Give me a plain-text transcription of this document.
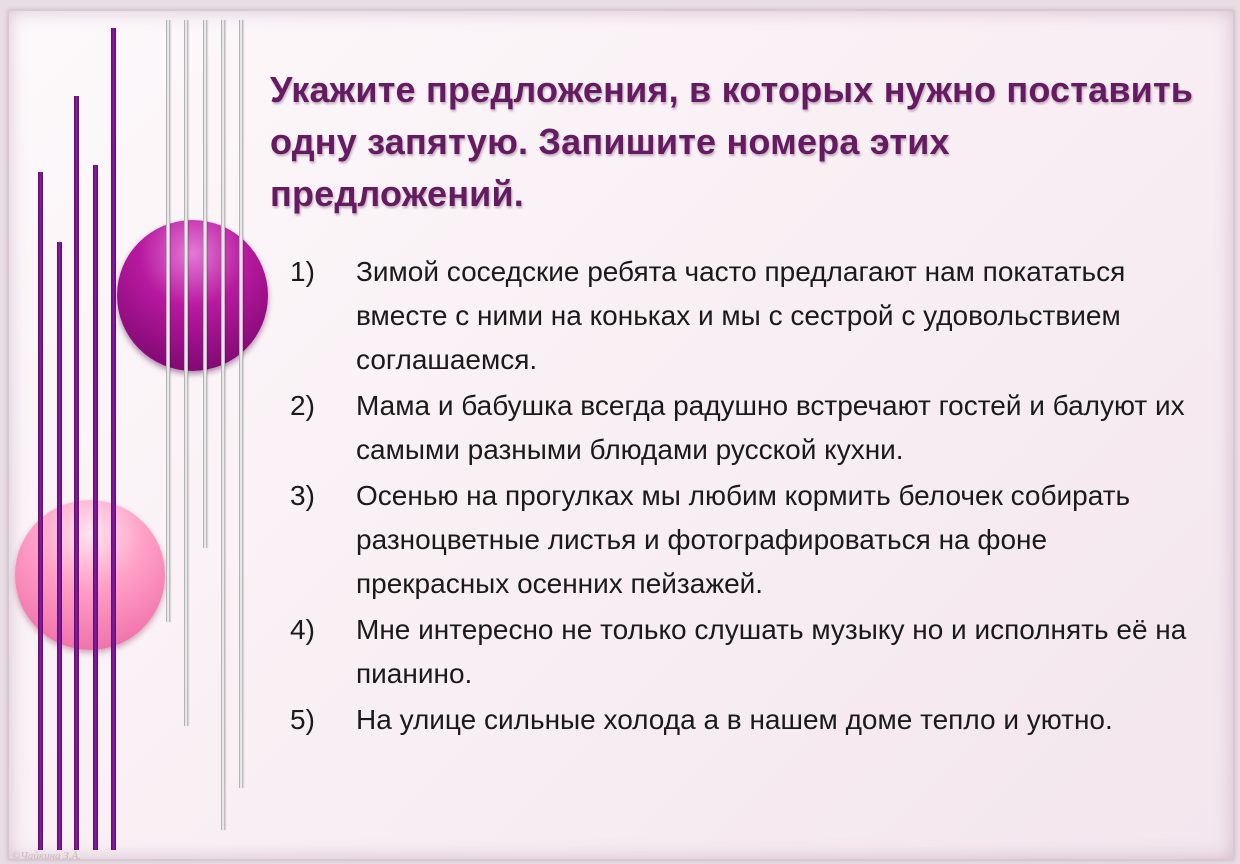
Укажите предложения, в которых нужно поставить одну запятую. Запишите номера этих предложений.
1)	Зимой соседские ребята часто предлагают нам покататься вместе с ними на коньках и мы с сестрой с удовольствием соглашаемся.
2)	Мама и бабушка всегда радушно встречают гостей и балуют их самыми разными блюдами русской кухни.
3)	Осенью на прогулках мы любим кормить белочек собирать разноцветные листья и фотографироваться на фоне прекрасных осенних пейзажей.
4)	Мне интересно не только слушать музыку но и исполнять её на пианино.
5)	На улице сильные холода а в нашем доме тепло и уютно.
©Чайкина З.А.
